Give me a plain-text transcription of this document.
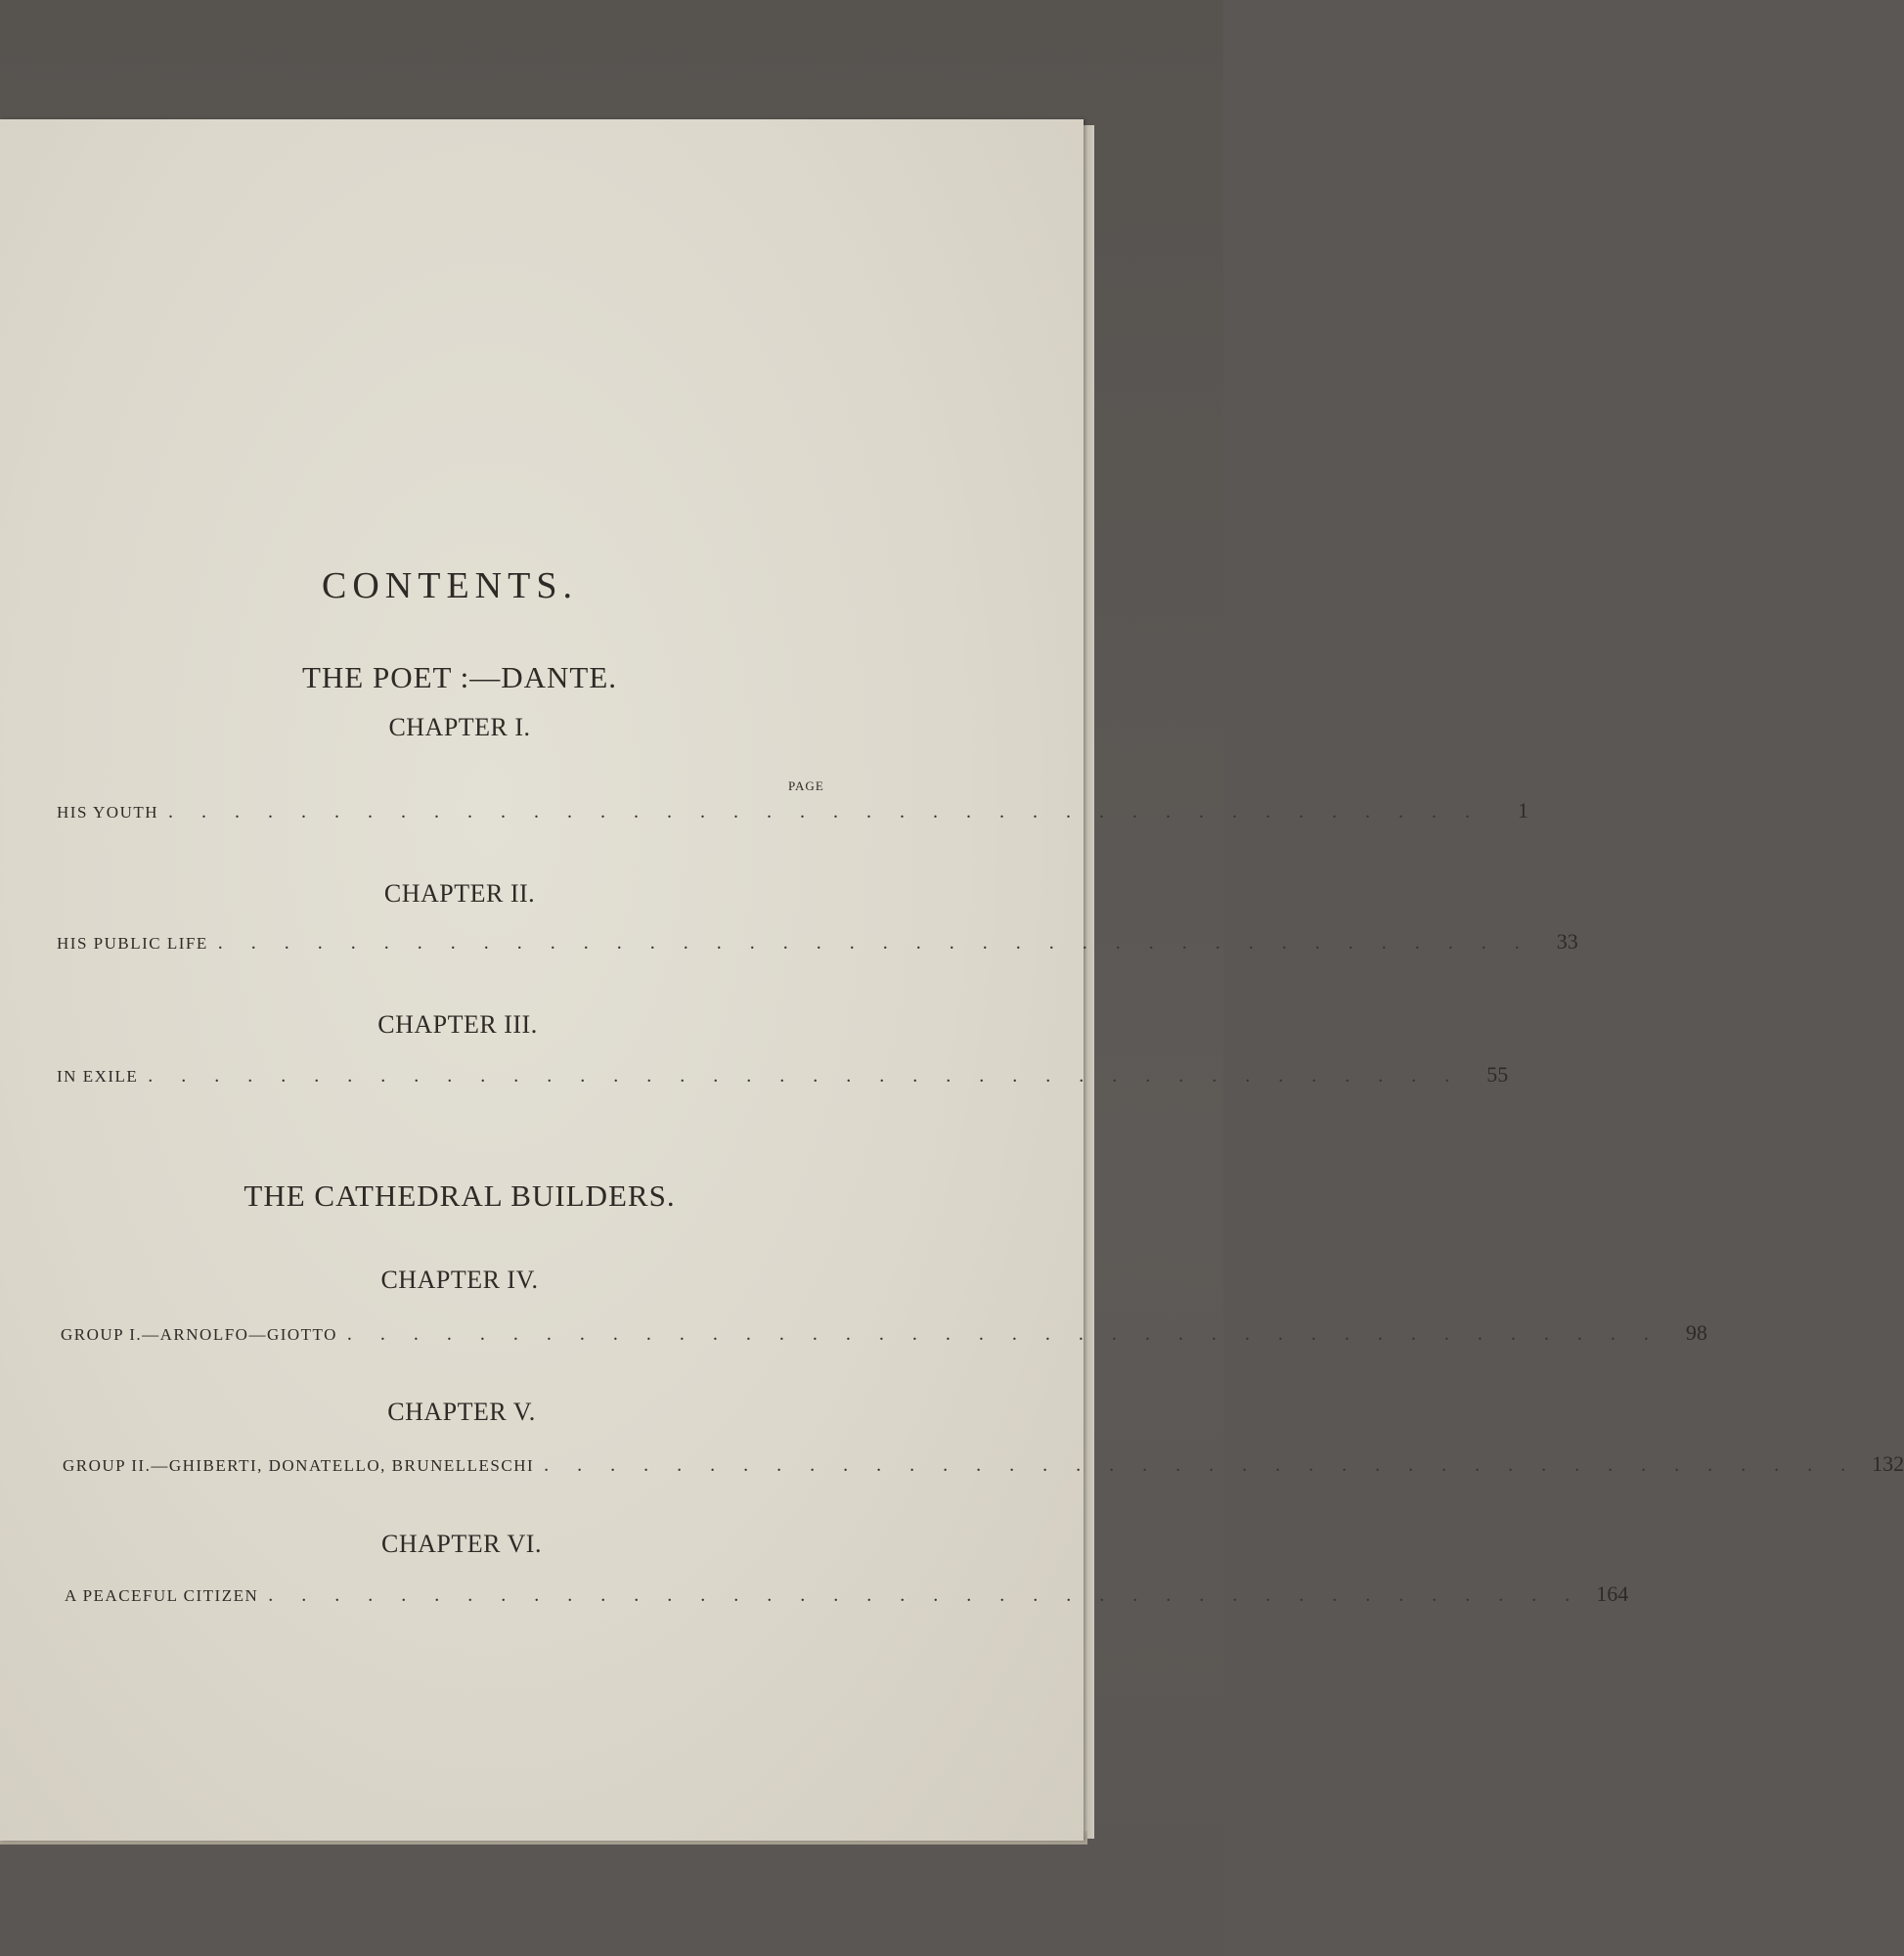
CONTENTS.
THE POET :—DANTE.
CHAPTER I.
PAGE
HIS YOUTH . . . . . . . . . . . . . . . . . . . . . . . . . . . . . . . . . . . . . . . .	1
CHAPTER II.
HIS PUBLIC LIFE . . . . . . . . . . . . . . . . . . . . . . . . . . . . . . . . . . . . . . . .	33
CHAPTER III.
IN EXILE . . . . . . . . . . . . . . . . . . . . . . . . . . . . . . . . . . . . . . . .	55
THE CATHEDRAL BUILDERS.
CHAPTER IV.
GROUP I.—ARNOLFO—GIOTTO . . . . . . . . . . . . . . . . . . . . . . . . . . . . . . . . . . . . . . . .	98
CHAPTER V.
GROUP II.—GHIBERTI, DONATELLO, BRUNELLESCHI . . . . . . . . . . . . . . . . . . . . . . . . . . . . . . . . . . . . . . . . 132
CHAPTER VI.
A PEACEFUL CITIZEN . . . . . . . . . . . . . . . . . . . . . . . . . . . . . . . . . . . . . . . . 164
